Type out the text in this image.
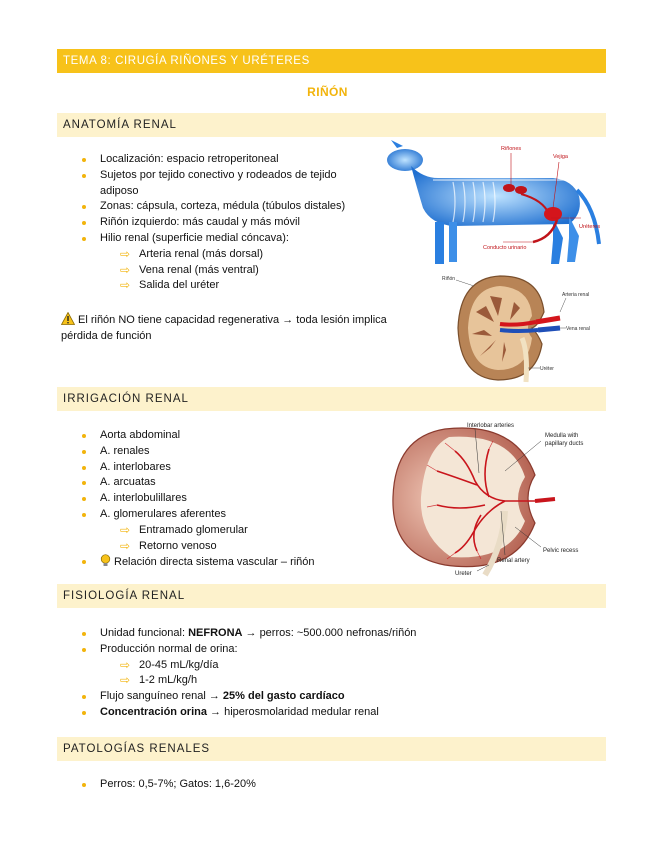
TEMA 8: CIRUGÍA RIÑONES Y URÉTERES
RIÑÓN
ANATOMÍA RENAL
Localización: espacio retroperitoneal
Sujetos por tejido conectivo y rodeados de tejido adiposo
Zonas: cápsula, corteza, médula (túbulos distales)
Riñón izquierdo: más caudal y más móvil
Hilio renal (superficie medial cóncava):
⇨ Arteria renal (más dorsal)
⇨ Vena renal (más ventral)
⇨ Salida del uréter
El riñón NO tiene capacidad regenerativa → toda lesión implica pérdida de función
Riñones
Vejiga
Uréteres
Conducto urinario
Riñón
Arteria renal
Vena renal
Uréter
IRRIGACIÓN RENAL
Aorta abdominal
A. renales
A. interlobares
A. arcuatas
A. interlobulillares
A. glomerulares aferentes
⇨ Entramado glomerular
⇨ Retorno venoso
Relación directa sistema vascular – riñón
Interlobar arteries
Medulla with
papillary ducts
Pelvic recess
Renal artery
Ureter
FISIOLOGÍA RENAL
Unidad funcional: NEFRONA → perros: ~500.000 nefronas/riñón
Producción normal de orina:
⇨ 20-45 mL/kg/día
⇨ 1-2 mL/kg/h
Flujo sanguíneo renal → 25% del gasto cardíaco
Concentración orina → hiperosmolaridad medular renal
PATOLOGÍAS RENALES
Perros: 0,5-7%; Gatos: 1,6-20%
